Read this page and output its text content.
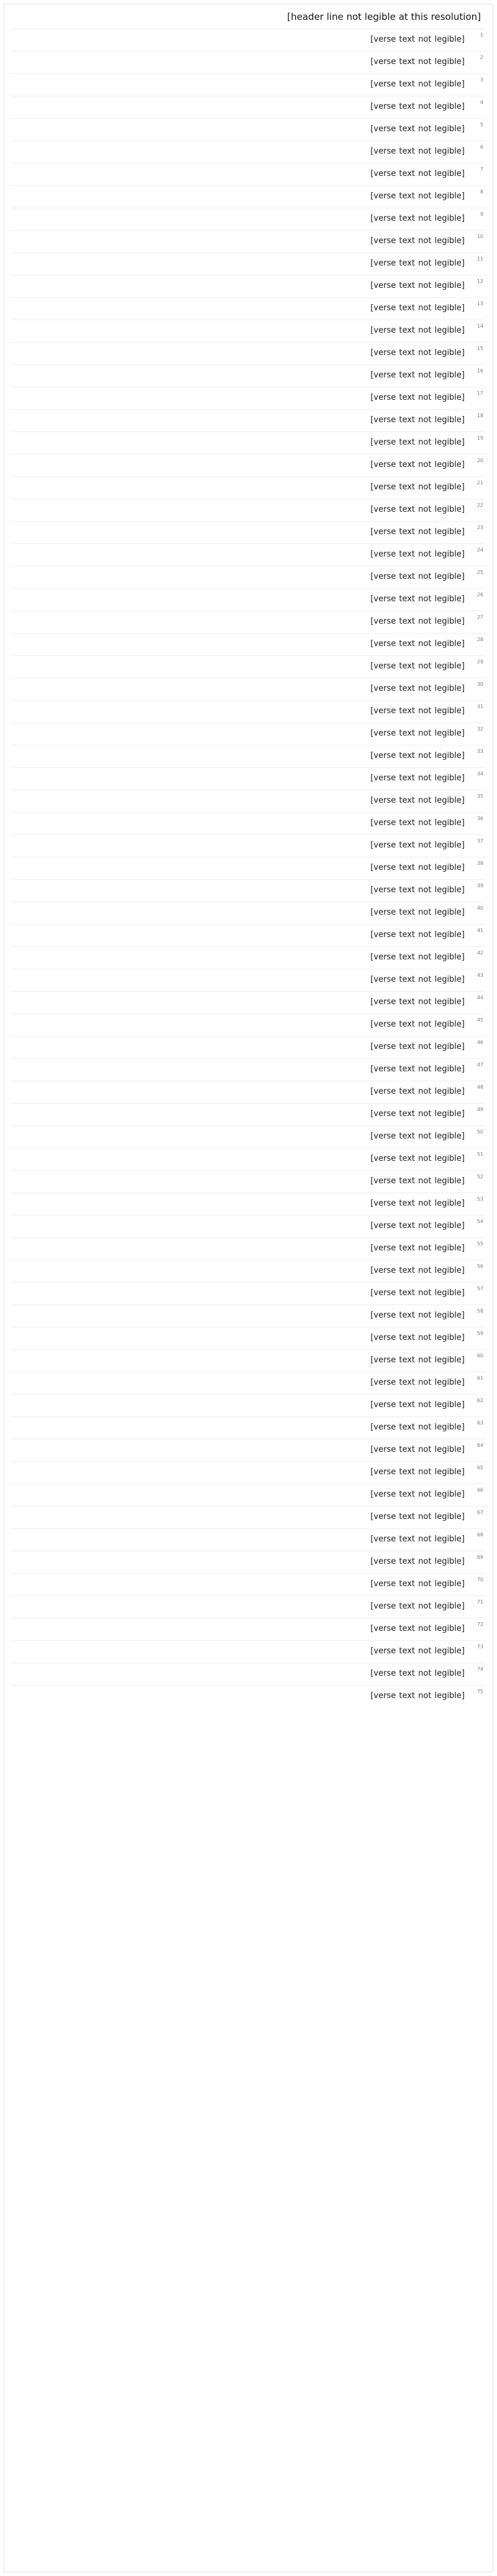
[header line not legible at this resolution]
1
[verse text not legible]
2
[verse text not legible]
3
[verse text not legible]
4
[verse text not legible]
5
[verse text not legible]
6
[verse text not legible]
7
[verse text not legible]
8
[verse text not legible]
9
[verse text not legible]
10
[verse text not legible]
11
[verse text not legible]
12
[verse text not legible]
13
[verse text not legible]
14
[verse text not legible]
15
[verse text not legible]
16
[verse text not legible]
17
[verse text not legible]
18
[verse text not legible]
19
[verse text not legible]
20
[verse text not legible]
21
[verse text not legible]
22
[verse text not legible]
23
[verse text not legible]
24
[verse text not legible]
25
[verse text not legible]
26
[verse text not legible]
27
[verse text not legible]
28
[verse text not legible]
29
[verse text not legible]
30
[verse text not legible]
31
[verse text not legible]
32
[verse text not legible]
33
[verse text not legible]
34
[verse text not legible]
35
[verse text not legible]
36
[verse text not legible]
37
[verse text not legible]
38
[verse text not legible]
39
[verse text not legible]
40
[verse text not legible]
41
[verse text not legible]
42
[verse text not legible]
43
[verse text not legible]
44
[verse text not legible]
45
[verse text not legible]
46
[verse text not legible]
47
[verse text not legible]
48
[verse text not legible]
49
[verse text not legible]
50
[verse text not legible]
51
[verse text not legible]
52
[verse text not legible]
53
[verse text not legible]
54
[verse text not legible]
55
[verse text not legible]
56
[verse text not legible]
57
[verse text not legible]
58
[verse text not legible]
59
[verse text not legible]
60
[verse text not legible]
61
[verse text not legible]
62
[verse text not legible]
63
[verse text not legible]
64
[verse text not legible]
65
[verse text not legible]
66
[verse text not legible]
67
[verse text not legible]
68
[verse text not legible]
69
[verse text not legible]
70
[verse text not legible]
71
[verse text not legible]
72
[verse text not legible]
73
[verse text not legible]
74
[verse text not legible]
75
[verse text not legible]
